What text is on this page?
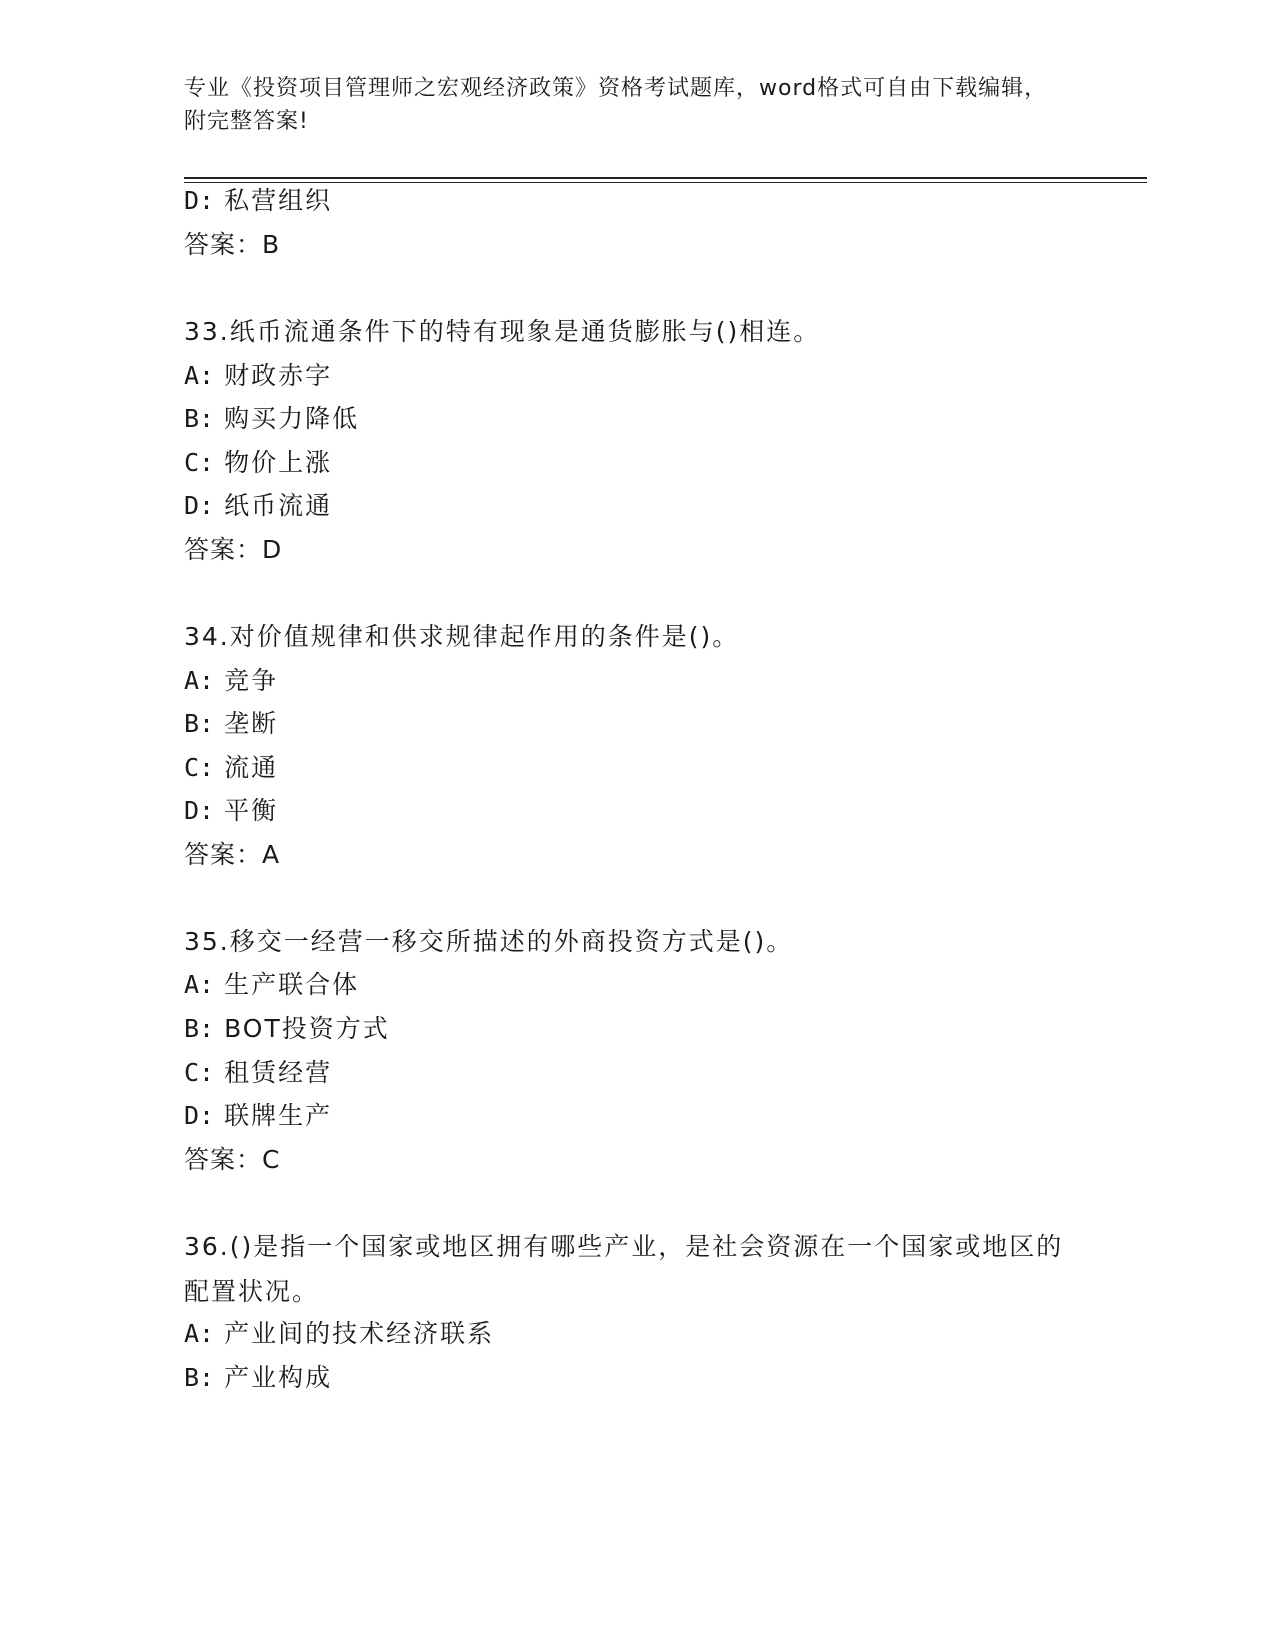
专业《投资项目管理师之宏观经济政策》资格考试题库，word格式可自由下载编辑，附完整答案!
D: 私营组织
答案：B
33.纸币流通条件下的特有现象是通货膨胀与()相连。
A: 财政赤字
B: 购买力降低
C: 物价上涨
D: 纸币流通
答案：D
34.对价值规律和供求规律起作用的条件是()。
A: 竞争
B: 垄断
C: 流通
D: 平衡
答案：A
35.移交一经营一移交所描述的外商投资方式是()。
A: 生产联合体
B: BOT投资方式
C: 租赁经营
D: 联牌生产
答案：C
36.()是指一个国家或地区拥有哪些产业，是社会资源在一个国家或地区的配置状况。
A: 产业间的技术经济联系
B: 产业构成
